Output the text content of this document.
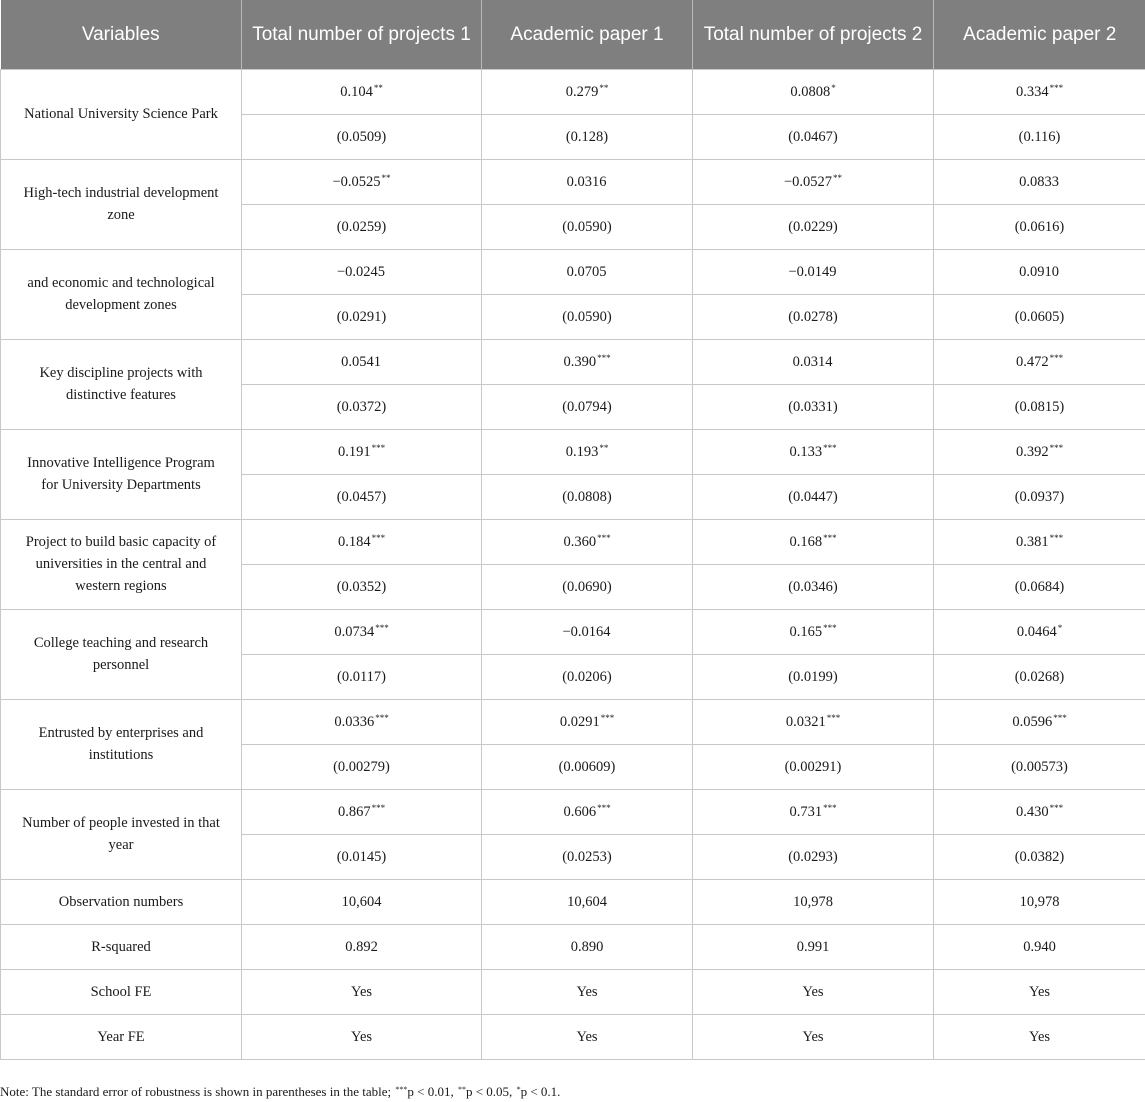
Variables	Total number of projects 1	Academic paper 1	Total number of projects 2	Academic paper 2
National University Science Park	0.104**	0.279**	0.0808*	0.334***
	(0.0509)	(0.128)	(0.0467)	(0.116)
High-tech industrial development zone	−0.0525**	0.0316	−0.0527**	0.0833
	(0.0259)	(0.0590)	(0.0229)	(0.0616)
and economic and technological development zones	−0.0245	0.0705	−0.0149	0.0910
	(0.0291)	(0.0590)	(0.0278)	(0.0605)
Key discipline projects with distinctive features	0.0541	0.390***	0.0314	0.472***
	(0.0372)	(0.0794)	(0.0331)	(0.0815)
Innovative Intelligence Program for University Departments	0.191***	0.193**	0.133***	0.392***
	(0.0457)	(0.0808)	(0.0447)	(0.0937)
Project to build basic capacity of universities in the central and western regions	0.184***	0.360***	0.168***	0.381***
	(0.0352)	(0.0690)	(0.0346)	(0.0684)
College teaching and research personnel	0.0734***	−0.0164	0.165***	0.0464*
	(0.0117)	(0.0206)	(0.0199)	(0.0268)
Entrusted by enterprises and institutions	0.0336***	0.0291***	0.0321***	0.0596***
	(0.00279)	(0.00609)	(0.00291)	(0.00573)
Number of people invested in that year	0.867***	0.606***	0.731***	0.430***
	(0.0145)	(0.0253)	(0.0293)	(0.0382)
Observation numbers	10,604	10,604	10,978	10,978
R-squared	0.892	0.890	0.991	0.940
School FE	Yes	Yes	Yes	Yes
Year FE	Yes	Yes	Yes	Yes
Note: The standard error of robustness is shown in parentheses in the table; ***p < 0.01, **p < 0.05, *p < 0.1.
